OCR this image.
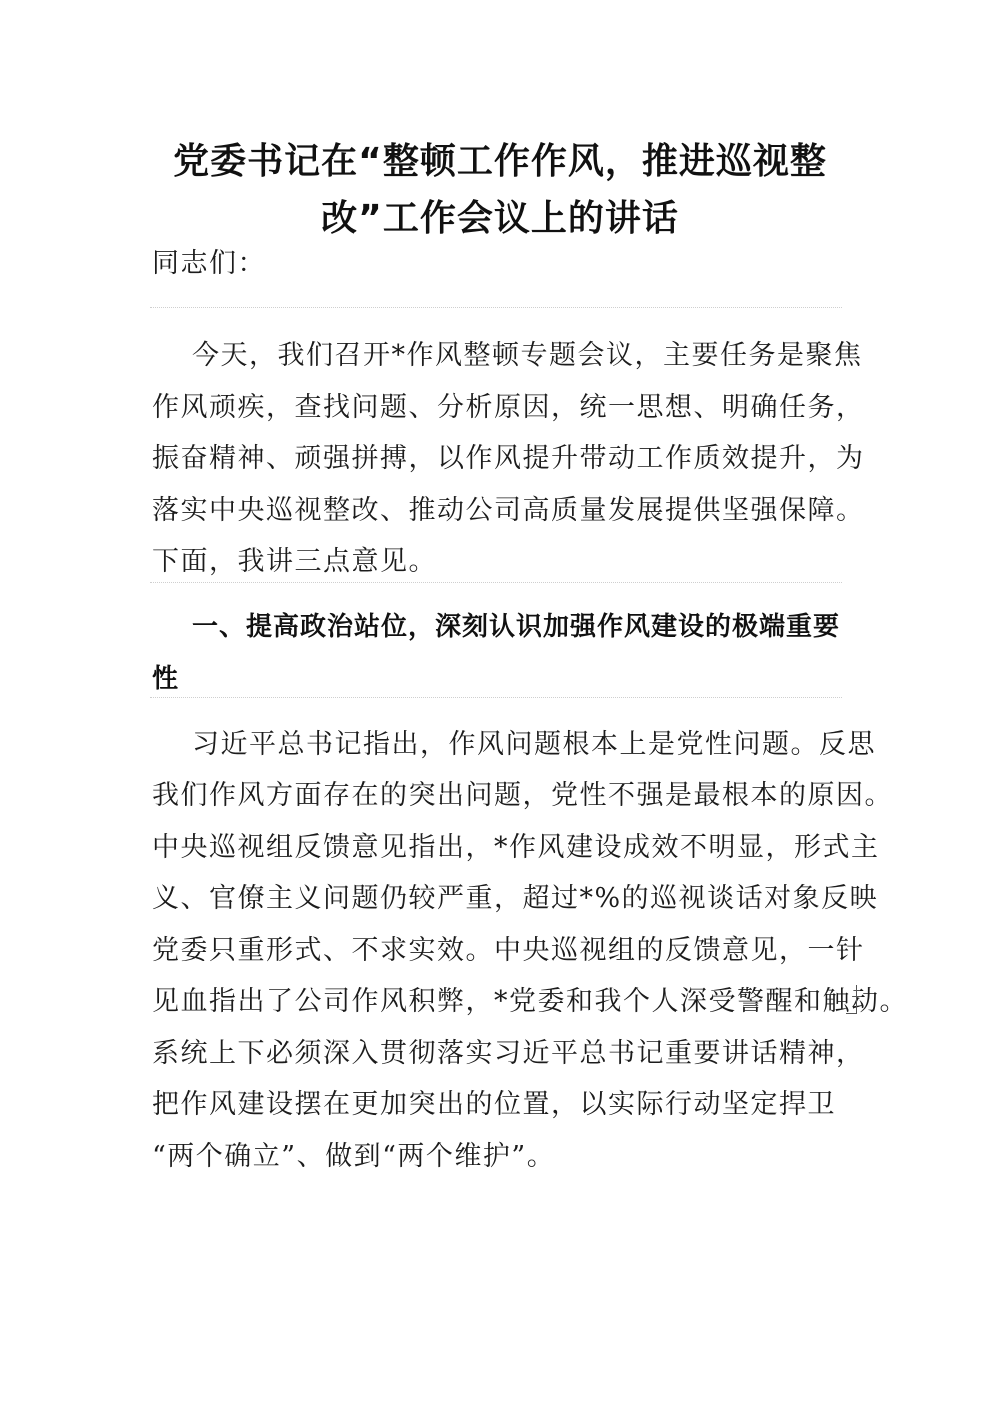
党委书记在“整顿工作作风，推进巡视整
改”工作会议上的讲话
同志们：
今天，我们召开*作风整顿专题会议，主要任务是聚焦
作风顽疾，查找问题、分析原因，统一思想、明确任务，
振奋精神、顽强拼搏，以作风提升带动工作质效提升，为
落实中央巡视整改、推动公司高质量发展提供坚强保障。
下面，我讲三点意见。
一、提高政治站位，深刻认识加强作风建设的极端重要
性
习近平总书记指出，作风问题根本上是党性问题。反思
我们作风方面存在的突出问题，党性不强是最根本的原因。
中央巡视组反馈意见指出，*作风建设成效不明显，形式主
义、官僚主义问题仍较严重，超过*%的巡视谈话对象反映
党委只重形式、不求实效。中央巡视组的反馈意见，一针
见血指出了公司作风积弊，*党委和我个人深受警醒和触动。
系统上下必须深入贯彻落实习近平总书记重要讲话精神，
把作风建设摆在更加突出的位置，以实际行动坚定捍卫
“两个确立”、做到“两个维护”。
